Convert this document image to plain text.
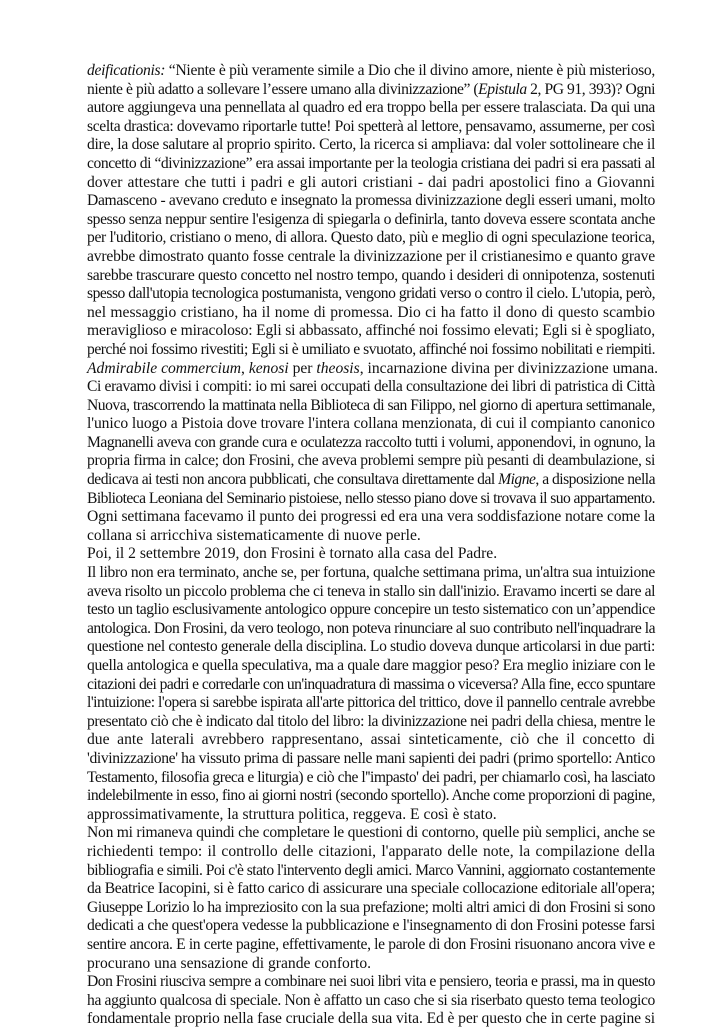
deificationis: “Niente è più veramente simile a Dio che il divino amore, niente è più misterioso,
niente è più adatto a sollevare l’essere umano alla divinizzazione” (Epistula 2, PG 91, 393)? Ogni
autore aggiungeva una pennellata al quadro ed era troppo bella per essere tralasciata. Da qui una
scelta drastica: dovevamo riportarle tutte! Poi spetterà al lettore, pensavamo, assumerne, per così
dire, la dose salutare al proprio spirito. Certo, la ricerca si ampliava: dal voler sottolineare che il
concetto di “divinizzazione” era assai importante per la teologia cristiana dei padri si era passati al
dover attestare che tutti i padri e gli autori cristiani - dai padri apostolici fino a Giovanni
Damasceno - avevano creduto e insegnato la promessa divinizzazione degli esseri umani, molto
spesso senza neppur sentire l'esigenza di spiegarla o definirla, tanto doveva essere scontata anche
per l'uditorio, cristiano o meno, di allora. Questo dato, più e meglio di ogni speculazione teorica,
avrebbe dimostrato quanto fosse centrale la divinizzazione per il cristianesimo e quanto grave
sarebbe trascurare questo concetto nel nostro tempo, quando i desideri di onnipotenza, sostenuti
spesso dall'utopia tecnologica postumanista, vengono gridati verso o contro il cielo. L'utopia, però,
nel messaggio cristiano, ha il nome di promessa. Dio ci ha fatto il dono di questo scambio
meraviglioso e miracoloso: Egli si abbassato, affinché noi fossimo elevati; Egli si è spogliato,
perché noi fossimo rivestiti; Egli si è umiliato e svuotato, affinché noi fossimo nobilitati e riempiti.
Admirabile commercium, kenosi per theosis, incarnazione divina per divinizzazione umana.
Ci eravamo divisi i compiti: io mi sarei occupati della consultazione dei libri di patristica di Città
Nuova, trascorrendo la mattinata nella Biblioteca di san Filippo, nel giorno di apertura settimanale,
l'unico luogo a Pistoia dove trovare l'intera collana menzionata, di cui il compianto canonico
Magnanelli aveva con grande cura e oculatezza raccolto tutti i volumi, apponendovi, in ognuno, la
propria firma in calce; don Frosini, che aveva problemi sempre più pesanti di deambulazione, si
dedicava ai testi non ancora pubblicati, che consultava direttamente dal Migne, a disposizione nella
Biblioteca Leoniana del Seminario pistoiese, nello stesso piano dove si trovava il suo appartamento.
Ogni settimana facevamo il punto dei progressi ed era una vera soddisfazione notare come la
collana si arricchiva sistematicamente di nuove perle.
Poi, il 2 settembre 2019, don Frosini è tornato alla casa del Padre.
Il libro non era terminato, anche se, per fortuna, qualche settimana prima, un'altra sua intuizione
aveva risolto un piccolo problema che ci teneva in stallo sin dall'inizio. Eravamo incerti se dare al
testo un taglio esclusivamente antologico oppure concepire un testo sistematico con un’appendice
antologica. Don Frosini, da vero teologo, non poteva rinunciare al suo contributo nell'inquadrare la
questione nel contesto generale della disciplina. Lo studio doveva dunque articolarsi in due parti:
quella antologica e quella speculativa, ma a quale dare maggior peso? Era meglio iniziare con le
citazioni dei padri e corredarle con un'inquadratura di massima o viceversa? Alla fine, ecco spuntare
l'intuizione: l'opera si sarebbe ispirata all'arte pittorica del trittico, dove il pannello centrale avrebbe
presentato ciò che è indicato dal titolo del libro: la divinizzazione nei padri della chiesa, mentre le
due ante laterali avrebbero rappresentano, assai sinteticamente, ciò che il concetto di
'divinizzazione' ha vissuto prima di passare nelle mani sapienti dei padri (primo sportello: Antico
Testamento, filosofia greca e liturgia) e ciò che l''impasto' dei padri, per chiamarlo così, ha lasciato
indelebilmente in esso, fino ai giorni nostri (secondo sportello). Anche come proporzioni di pagine,
approssimativamente, la struttura politica, reggeva. E così è stato.
Non mi rimaneva quindi che completare le questioni di contorno, quelle più semplici, anche se
richiedenti tempo: il controllo delle citazioni, l'apparato delle note, la compilazione della
bibliografia e simili. Poi c'è stato l'intervento degli amici. Marco Vannini, aggiornato costantemente
da Beatrice Iacopini, si è fatto carico di assicurare una speciale collocazione editoriale all'opera;
Giuseppe Lorizio lo ha impreziosito con la sua prefazione; molti altri amici di don Frosini si sono
dedicati a che quest'opera vedesse la pubblicazione e l'insegnamento di don Frosini potesse farsi
sentire ancora. E in certe pagine, effettivamente, le parole di don Frosini risuonano ancora vive e
procurano una sensazione di grande conforto.
Don Frosini riusciva sempre a combinare nei suoi libri vita e pensiero, teoria e prassi, ma in questo
ha aggiunto qualcosa di speciale. Non è affatto un caso che si sia riserbato questo tema teologico
fondamentale proprio nella fase cruciale della sua vita. Ed è per questo che in certe pagine si
